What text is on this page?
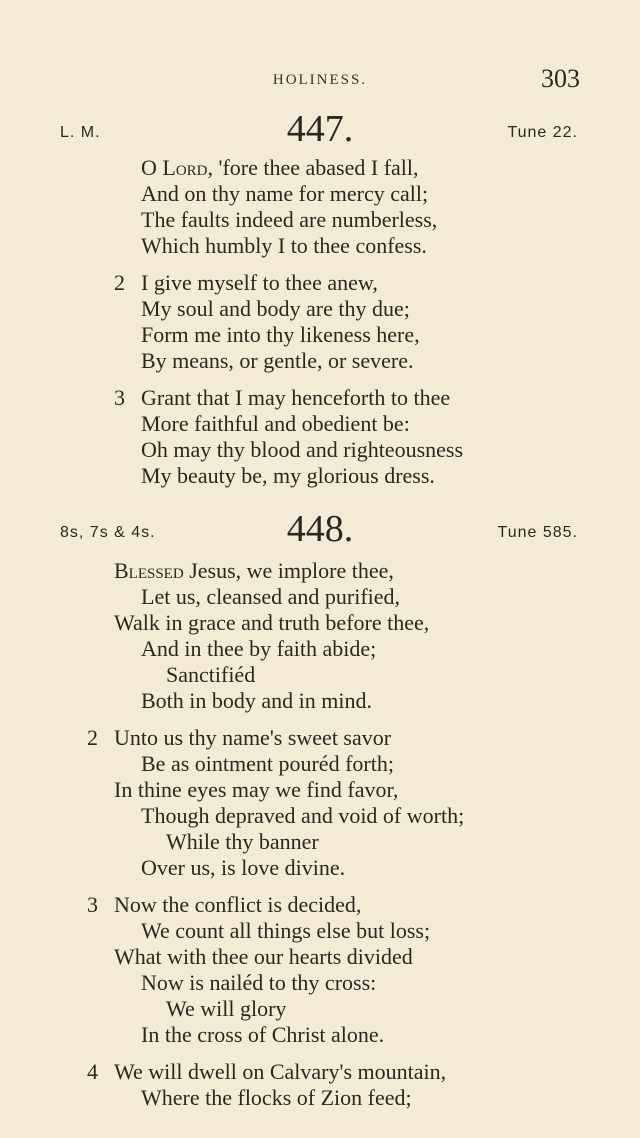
HOLINESS.	303
L. M.	447.	Tune 22.
O Lord, 'fore thee abased I fall,
And on thy name for mercy call;
The faults indeed are numberless,
Which humbly I to thee confess.
2 I give myself to thee anew,
My soul and body are thy due;
Form me into thy likeness here,
By means, or gentle, or severe.
3 Grant that I may henceforth to thee
More faithful and obedient be:
Oh may thy blood and righteousness
My beauty be, my glorious dress.
8s, 7s & 4s.	448.	Tune 585.
Blessed Jesus, we implore thee,
Let us, cleansed and purified,
Walk in grace and truth before thee,
And in thee by faith abide;
Sanctifiéd
Both in body and in mind.
2 Unto us thy name's sweet savor
Be as ointment pouréd forth;
In thine eyes may we find favor,
Though depraved and void of worth;
While thy banner
Over us, is love divine.
3 Now the conflict is decided,
We count all things else but loss;
What with thee our hearts divided
Now is nailéd to thy cross:
We will glory
In the cross of Christ alone.
4 We will dwell on Calvary's mountain,
Where the flocks of Zion feed;
